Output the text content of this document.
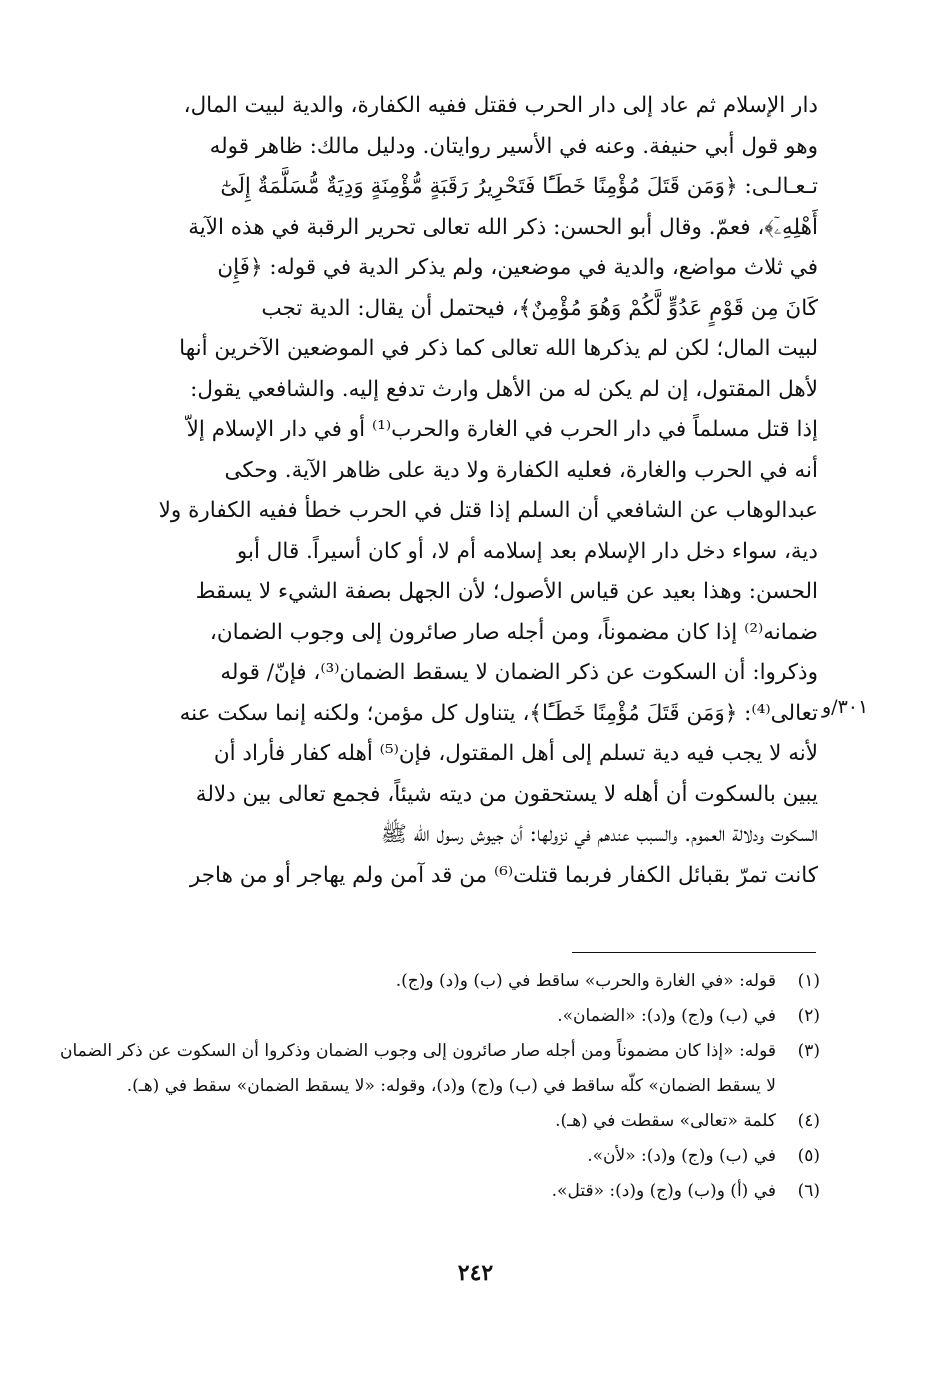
دار الإسلام ثم عاد إلى دار الحرب فقتل ففيه الكفارة، والدية لبيت المال،
وهو قول أبي حنيفة. وعنه في الأسير روايتان. ودليل مالك: ظاهر قوله
تـعـالـى: ﴿وَمَن قَتَلَ مُؤْمِنًا خَطَـًٔا فَتَحْرِيرُ رَقَبَةٍ مُّؤْمِنَةٍ وَدِيَةٌ مُّسَلَّمَةٌ إِلَىٰٓ
أَهْلِهِۦٓ﴾، فعمّ. وقال أبو الحسن: ذكر الله تعالى تحرير الرقبة في هذه الآية
في ثلاث مواضع، والدية في موضعين، ولم يذكر الدية في قوله: ﴿فَإِن
كَانَ مِن قَوْمٍ عَدُوٍّ لَّكُمْ وَهُوَ مُؤْمِنٌ﴾، فيحتمل أن يقال: الدية تجب
لبيت المال؛ لكن لم يذكرها الله تعالى كما ذكر في الموضعين الآخرين أنها
لأهل المقتول، إن لم يكن له من الأهل وارث تدفع إليه. والشافعي يقول:
إذا قتل مسلماً في دار الحرب في الغارة والحرب⁽¹⁾ أو في دار الإسلام إلاّ
أنه في الحرب والغارة، فعليه الكفارة ولا دية على ظاهر الآية. وحكى
عبدالوهاب عن الشافعي أن السلم إذا قتل في الحرب خطأ ففيه الكفارة ولا
دية، سواء دخل دار الإسلام بعد إسلامه أم لا، أو كان أسيراً. قال أبو
الحسن: وهذا بعيد عن قياس الأصول؛ لأن الجهل بصفة الشيء لا يسقط
ضمانه⁽²⁾ إذا كان مضموناً، ومن أجله صار صائرون إلى وجوب الضمان،
وذكروا: أن السكوت عن ذكر الضمان لا يسقط الضمان⁽³⁾، فإنّ/ قوله
تعالى⁽⁴⁾: ﴿وَمَن قَتَلَ مُؤْمِنًا خَطَـًٔا﴾، يتناول كل مؤمن؛ ولكنه إنما سكت عنه
لأنه لا يجب فيه دية تسلم إلى أهل المقتول، فإن⁽⁵⁾ أهله كفار فأراد أن
يبين بالسكوت أن أهله لا يستحقون من ديته شيئاً، فجمع تعالى بين دلالة
السكوت ودلالة العموم. والسبب عندهم في نزولها: أن جيوش رسول الله ﷺ
كانت تمرّ بقبائل الكفار فربما قتلت⁽⁶⁾ من قد آمن ولم يهاجر أو من هاجر
٣٠١/و
(١)
قوله: «في الغارة والحرب» ساقط في (ب) و(د) و(ج).
(٢)
في (ب) و(ج) و(د): «الضمان».
(٣)
قوله: «إذا كان مضموناً ومن أجله صار صائرون إلى وجوب الضمان وذكروا أن السكوت عن ذكر الضمان لا يسقط الضمان» كلّه ساقط في (ب) و(ج) و(د)، وقوله: «لا يسقط الضمان» سقط في (هـ).
(٤)
كلمة «تعالى» سقطت في (هـ).
(٥)
في (ب) و(ج) و(د): «لأن».
(٦)
في (أ) و(ب) و(ج) و(د): «قتل».
٢٤٢
